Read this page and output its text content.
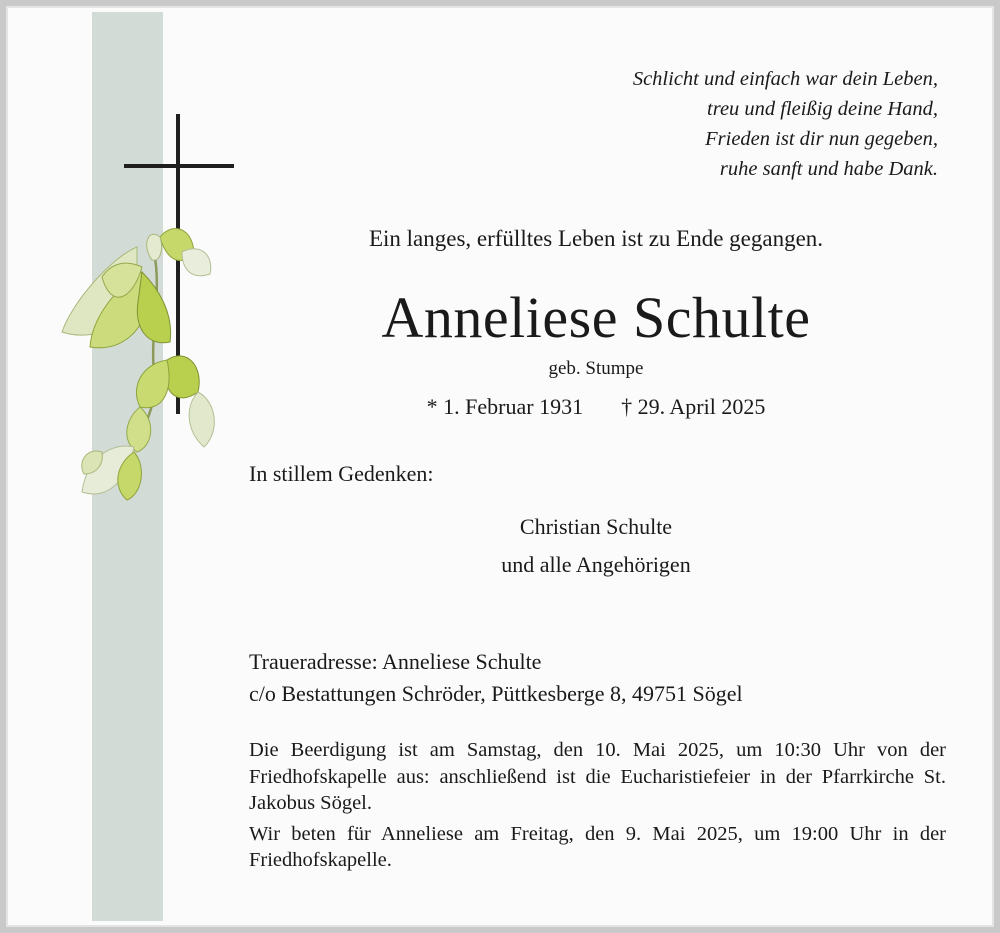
Schlicht und einfach war dein Leben,
treu und fleißig deine Hand,
Frieden ist dir nun gegeben,
ruhe sanft und habe Dank.
Ein langes, erfülltes Leben ist zu Ende gegangen.
Anneliese Schulte
geb. Stumpe
* 1. Februar 1931 † 29. April 2025
In stillem Gedenken:
Christian Schulte
und alle Angehörigen
Traueradresse: Anneliese Schulte
c/o Bestattungen Schröder, Püttkesberge 8, 49751 Sögel

Die Beerdigung ist am Samstag, den 10. Mai 2025, um 10:30 Uhr von der Friedhofskapelle aus: anschließend ist die Eucharistiefeier in der Pfarrkirche St. Jakobus Sögel.

Wir beten für Anneliese am Freitag, den 9. Mai 2025, um 19:00 Uhr in der Friedhofskapelle.
